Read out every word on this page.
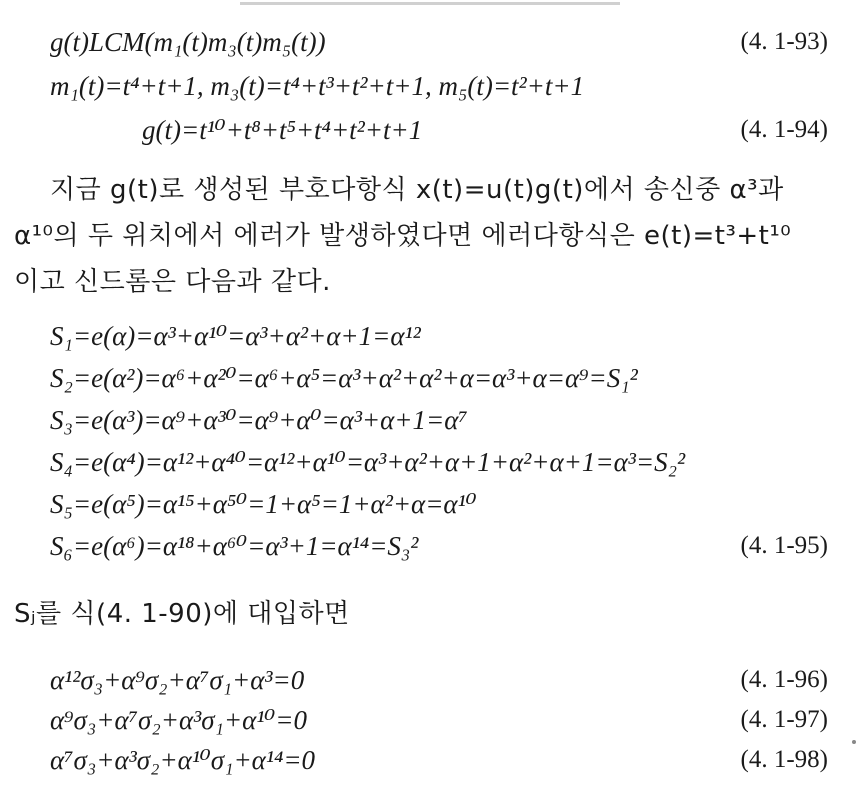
g(t)LCM(m₁(t)m₃(t)m₅(t))	(4. 1-93)
m₁(t)=t⁴+t+1, m₃(t)=t⁴+t³+t²+t+1, m₅(t)=t²+t+1
g(t)=t¹⁰+t⁸+t⁵+t⁴+t²+t+1	(4. 1-94)
지금 g(t)로 생성된 부호다항식 x(t)=u(t)g(t)에서 송신중 α³과
α¹⁰의 두 위치에서 에러가 발생하였다면 에러다항식은 e(t)=t³+t¹⁰
이고 신드롬은 다음과 같다.
S₁=e(α)=α³+α¹⁰=α³+α²+α+1=α¹²
S₂=e(α²)=α⁶+α²⁰=α⁶+α⁵=α³+α²+α²+α=α³+α=α⁹=S₁²
S₃=e(α³)=α⁹+α³⁰=α⁹+α⁰=α³+α+1=α⁷
S₄=e(α⁴)=α¹²+α⁴⁰=α¹²+α¹⁰=α³+α²+α+1+α²+α+1=α³=S₂²
S₅=e(α⁵)=α¹⁵+α⁵⁰=1+α⁵=1+α²+α=α¹⁰
S₆=e(α⁶)=α¹⁸+α⁶⁰=α³+1=α¹⁴=S₃²	(4. 1-95)
Sⱼ를 식(4. 1-90)에 대입하면
α¹²σ₃+α⁹σ₂+α⁷σ₁+α³=0	(4. 1-96)
α⁹σ₃+α⁷σ₂+α³σ₁+α¹⁰=0	(4. 1-97)
α⁷σ₃+α³σ₂+α¹⁰σ₁+α¹⁴=0	(4. 1-98)
